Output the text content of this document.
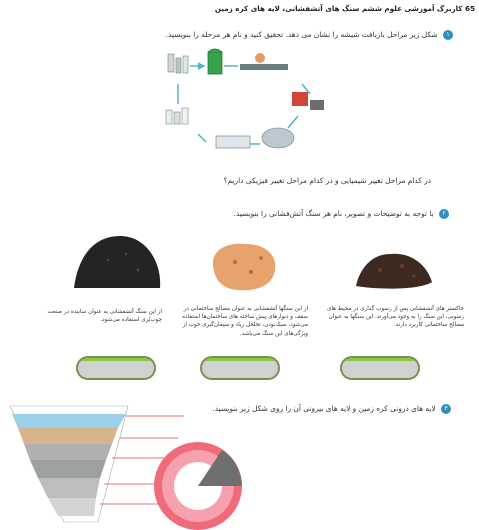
65 کاربرگ آموزشی علوم ششم سنگ های آتشفشانی، لایه های کره زمین
۱ شکل زیر مراحل بازیافت شیشه را نشان می دهد. تحقیق کنید و نام هر مرحله را بنویسید.
در کدام مراحل تغییر شیمیایی و در کدام مراحل تغییر فیزیکی داریم؟
۲ با توجه به توضیحات و تصویر، نام هر سنگ آتش‌فشانی را بنویسید.
خاکستر های آتشفشانی پس از رسوب گذاری در محیط های رسوبی، این سنگ را به وجود می‌آورند. این سنگها به عنوان مصالح ساختمانی کاربرد دارند.
از این سنگها آتشفشانی به عنوان مصالح ساختمانی در سقف و دیوارهای پیش ساخته های ساختمان‌ها استفاده می‌شود. سبک‌بودن، تخلخل زیاد و سیمان‌گیری خوب از ویژگی‌های این سنگ می‌باشد.
از این سنگ آتشفشانی به عنوان ساینده در صنعت چوب‌بُری استفاده می‌شود.
۳ لایه های درونی کره زمین و لایه های بیرونی آن را روی شکل زیر بنویسید.
